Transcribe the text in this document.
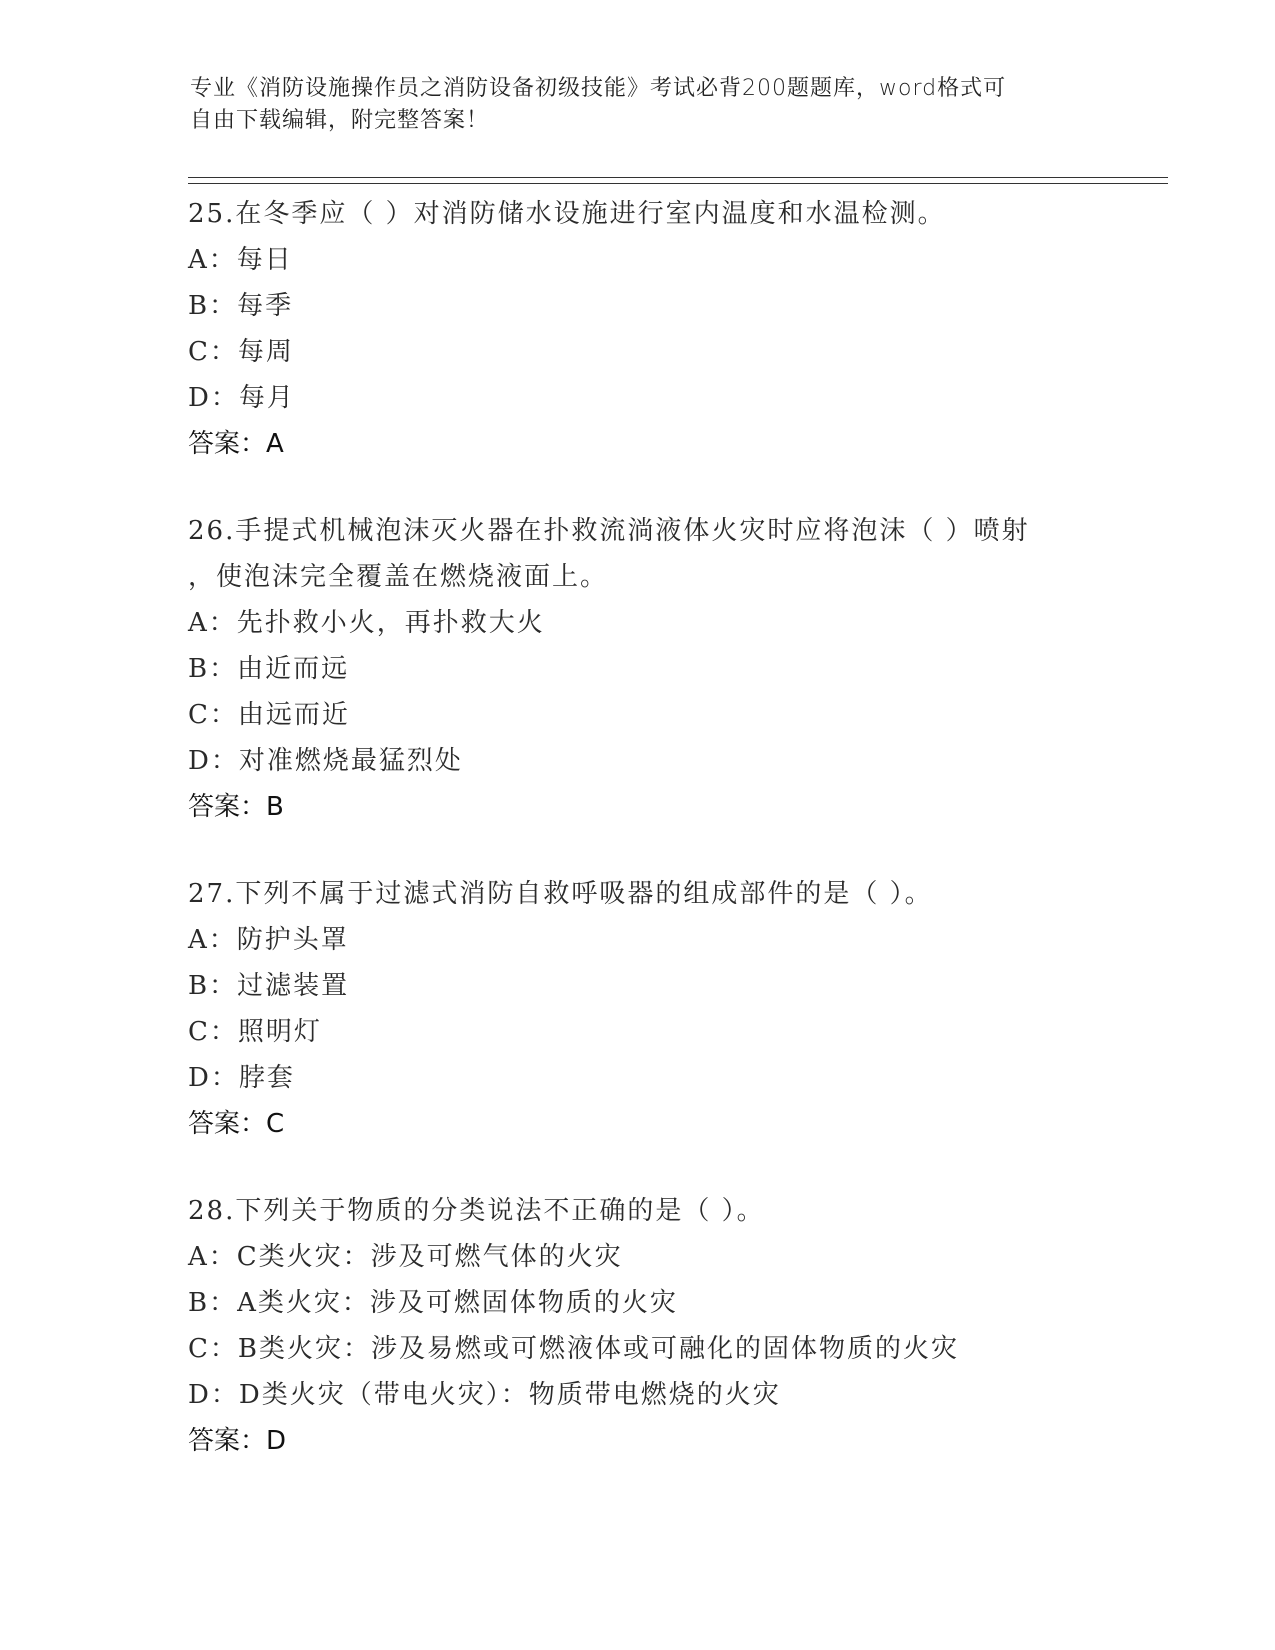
专业《消防设施操作员之消防设备初级技能》考试必背200题题库，word格式可
自由下载编辑，附完整答案！

25.在冬季应（ ）对消防储水设施进行室内温度和水温检测。

A：每日

B：每季

C：每周

D：每月

答案：A

26.手提式机械泡沫灭火器在扑救流淌液体火灾时应将泡沫（ ）喷射

，使泡沫完全覆盖在燃烧液面上。

A：先扑救小火，再扑救大火

B：由近而远

C：由远而近

D：对准燃烧最猛烈处

答案：B

27.下列不属于过滤式消防自救呼吸器的组成部件的是（ ）。

A：防护头罩

B：过滤装置

C：照明灯

D：脖套

答案：C

28.下列关于物质的分类说法不正确的是（ ）。

A：C类火灾：涉及可燃气体的火灾

B：A类火灾：涉及可燃固体物质的火灾

C：B类火灾：涉及易燃或可燃液体或可融化的固体物质的火灾

D：D类火灾（带电火灾）：物质带电燃烧的火灾

答案：D
